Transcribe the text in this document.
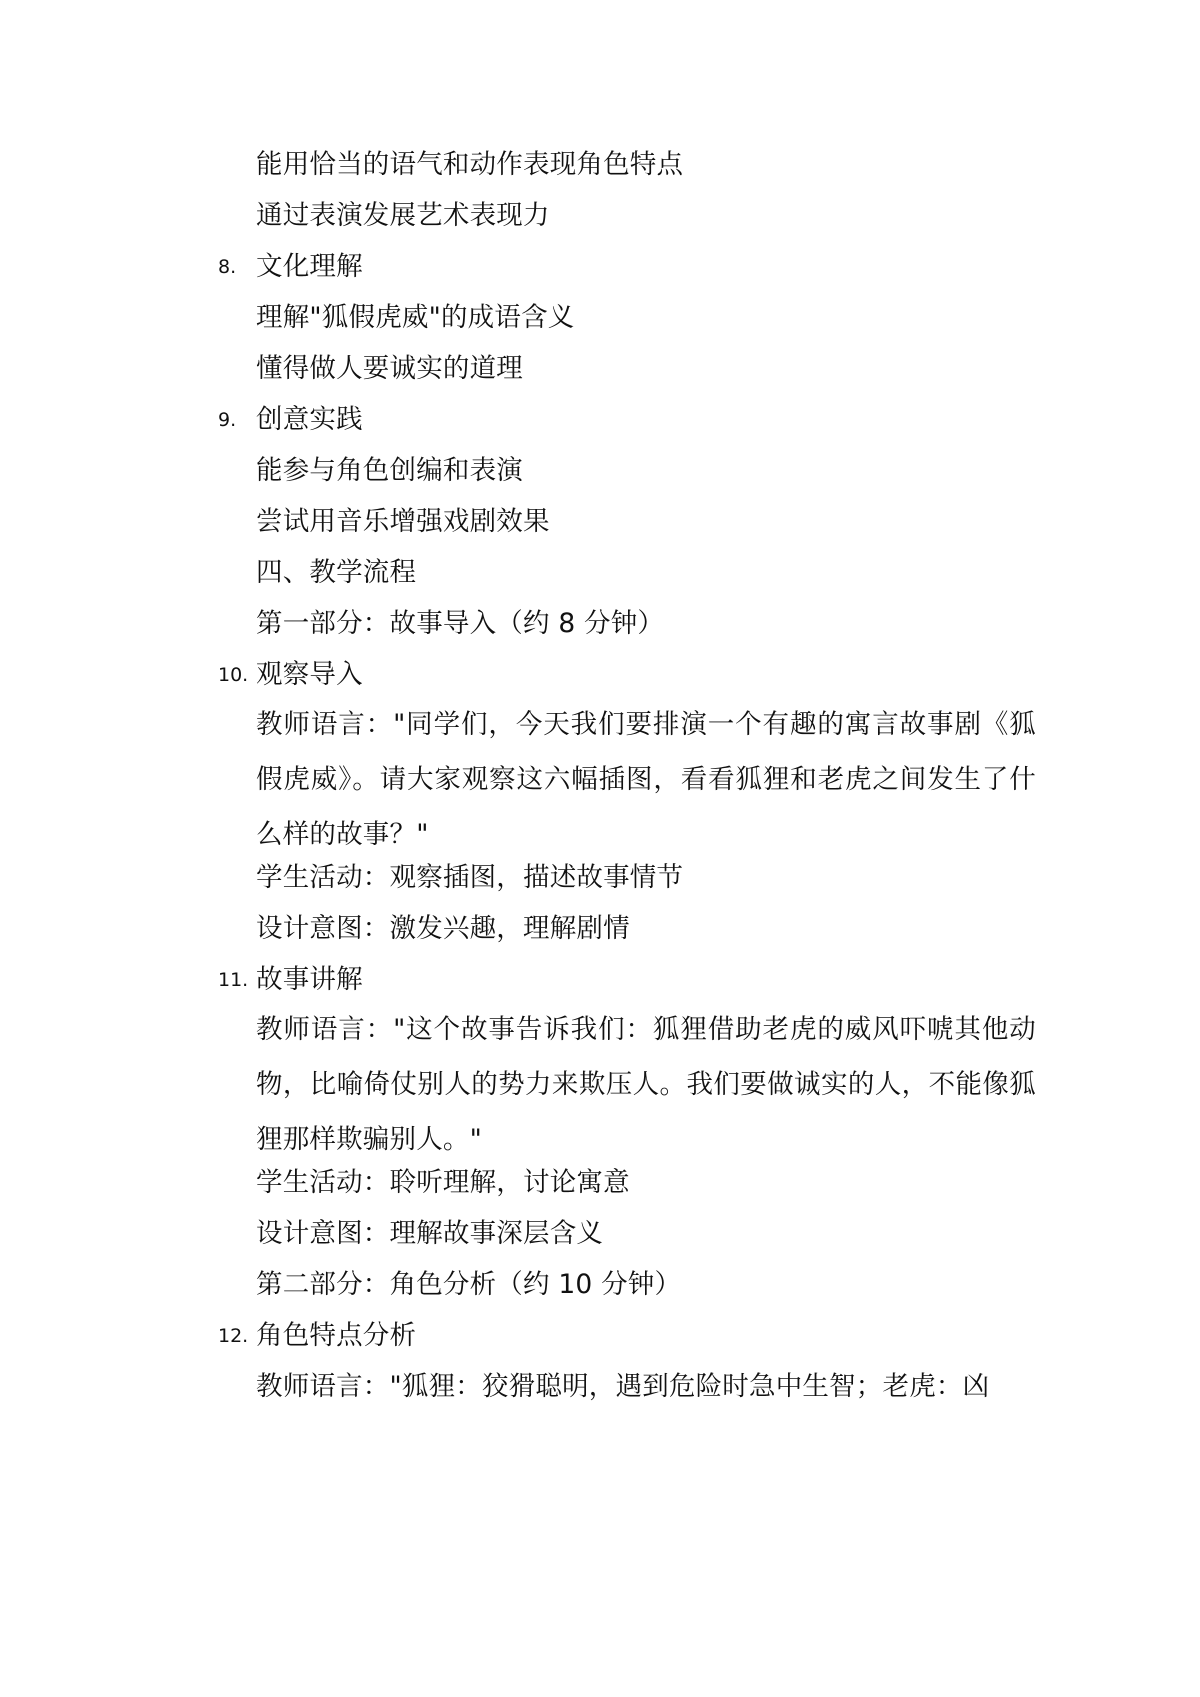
能用恰当的语气和动作表现角色特点
通过表演发展艺术表现力
8. 文化理解
理解"狐假虎威"的成语含义
懂得做人要诚实的道理
9. 创意实践
能参与角色创编和表演
尝试用音乐增强戏剧效果
四、教学流程
第一部分：故事导入（约 8 分钟）
10. 观察导入
教师语言："同学们，今天我们要排演一个有趣的寓言故事剧《狐假虎威》。请大家观察这六幅插图，看看狐狸和老虎之间发生了什么样的故事？"
学生活动：观察插图，描述故事情节
设计意图：激发兴趣，理解剧情
11. 故事讲解
教师语言："这个故事告诉我们：狐狸借助老虎的威风吓唬其他动物，比喻倚仗别人的势力来欺压人。我们要做诚实的人，不能像狐狸那样欺骗别人。"
学生活动：聆听理解，讨论寓意
设计意图：理解故事深层含义
第二部分：角色分析（约 10 分钟）
12. 角色特点分析
教师语言："狐狸：狡猾聪明，遇到危险时急中生智；老虎：凶
